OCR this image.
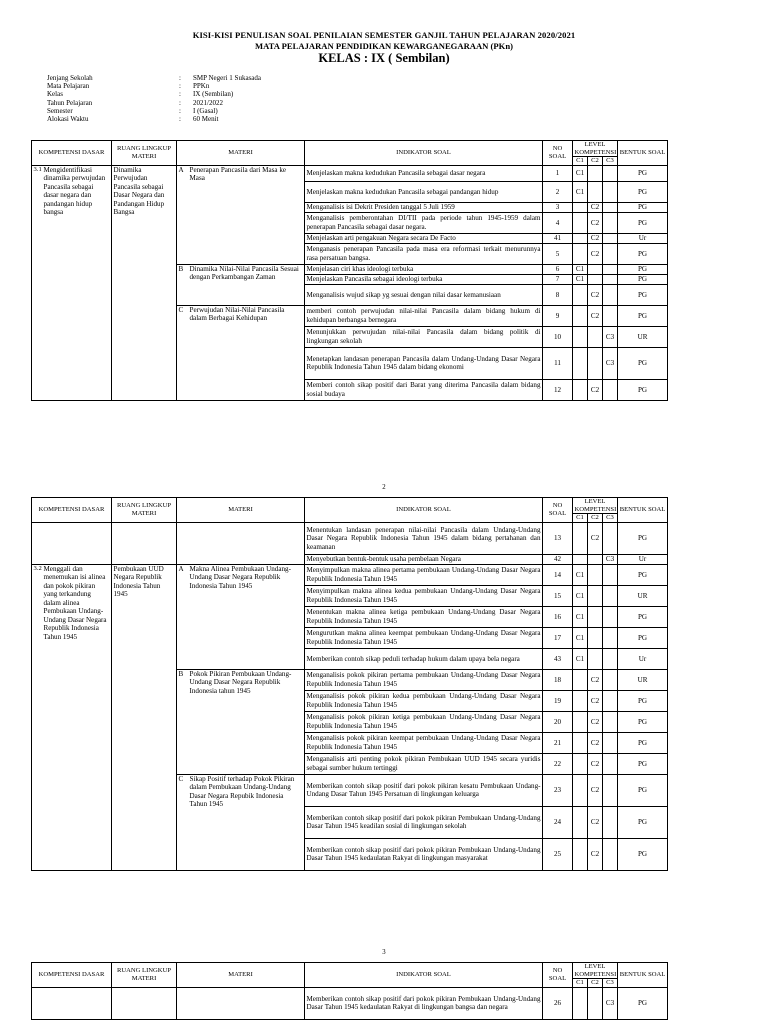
KISI-KISI PENULISAN SOAL PENILAIAN SEMESTER GANJIL TAHUN PELAJARAN 2020/2021
MATA PELAJARAN PENDIDIKAN KEWARGANEGARAAN (PKn)
KELAS : IX ( Sembilan)
Jenjang Sekolah	:	SMP Negeri 1 Sukasada
Mata Pelajaran	:	PPKn
Kelas	:	IX (Sembilan)
Tahun Pelajaran	:	2021/2022
Semester	:	I (Gasal)
Alokasi Waktu	:	60 Menit
KOMPETENSI DASAR	RUANG LINGKUP MATERI	MATERI	INDIKATOR SOAL	NO SOAL	LEVEL KOMPETENSI			BENTUK SOAL
					C1	C2	C3	

3.1 Mengidentifikasi dinamika perwujudan Pancasila sebagai dasar negara dan pandangan hidup bangsa	Dinamika Perwujudan Pancasila sebagai Dasar Negara dan Pandangan Hidup Bangsa	A Penerapan Pancasila dari Masa ke Masa	Menjelaskan makna kedudukan Pancasila sebagai dasar negara	1	C1			PG
			Menjelaskan makna kedudukan Pancasila sebagai pandangan hidup	2	C1			PG
			Menganalisis isi Dekrit Presiden tanggal 5 Juli 1959	3		C2		PG
			Menganalisis pemberontahan DI/TII pada periode tahun 1945-1959 dalam penerapan Pancasila sebagai dasar negara.	4		C2		PG
			Menjelaskan arti pengakuan Negara secara De Facto	41		C2		Ur
			Menganasis penerapan Pancasila pada masa era reformasi terkait menurunnya rasa persatuan bangsa.	5		C2		PG

		B Dinamika Nilai-Nilai Pancasila Sesuai dengan Perkambangan Zaman	Menjelasan ciri khas ideologi terbuka	6	C1			PG
			Menjelaskan Pancasila sebagai ideologi terbuka	7	C1			PG
			Menganalisis wujud sikap yg sesuai dengan nilai dasar kemanusiaan	8		C2		PG

		C Perwujudan Nilai-Nilai Pancasila dalam Berbagai Kehidupan	memberi contoh perwujudan nilai-nilai Pancasila dalam bidang hukum di kehidupan berbangsa bernegara	9		C2		PG
			Menunjukkan perwujudan nilai-nilai Pancasila dalam bidang politik di lingkungan sekolah	10			C3	UR
			Menetapkan landasan penerapan Pancasila dalam Undang-Undang Dasar Negara Republik Indonesia Tahun 1945 dalam bidang ekonomi	11			C3	PG
			Memberi contoh sikap positif dari Barat yang diterima Pancasila dalam bidang sosial budaya	12		C2		PG
2
KOMPETENSI DASAR	RUANG LINGKUP MATERI	MATERI	INDIKATOR SOAL	NO SOAL	LEVEL KOMPETENSI			BENTUK SOAL
					C1	C2	C3	
			Menentukan landasan penerapan nilai-nilai Pancasila dalam Undang-Undang Dasar Negara Republik Indonesia Tahun 1945 dalam bidang pertahanan dan keamanan	13		C2		PG
			Menyebutkan bentuk-bentuk usaha pembelaan Negara	42			C3	Ur

3.2 Menggali dan menemukan isi alinea dan pokok pikiran yang terkandung dalam alinea Pembukaan Undang-Undang Dasar Negara Republik Indonesia Tahun 1945	Pembukaan UUD Negara Republik Indonesia Tahun 1945	A Makna Alinea Pembukaan Undang-Undang Dasar Negara Republik Indonesia Tahun 1945	Menyimpulkan makna alinea pertama pembukaan Undang-Undang Dasar Negara Republik Indonesia Tahun 1945	14	C1			PG
			Menyimpulkan makna alinea kedua pembukaan Undang-Undang Dasar Negara Republik Indonesia Tahun 1945	15	C1			UR
			Menentukan makna alinea ketiga pembukaan Undang-Undang Dasar Negara Republik Indonesia Tahun 1945	16	C1			PG
			Mengurutkan makna alinea keempat pembukaan Undang-Undang Dasar Negara Republik Indonesia Tahun 1945	17	C1			PG
			Memberikan contoh sikap peduli terhadap hukum dalam upaya bela negara	43	C1			Ur

		B Pokok Pikiran Pembukaan Undang-Undang Dasar Negara Republik Indonesia tahun 1945	Menganalisis pokok pikiran pertama pembukaan Undang-Undang Dasar Negara Republik Indonesia Tahun 1945	18		C2		UR
			Menganalisis pokok pikiran kedua pembukaan Undang-Undang Dasar Negara Republik Indonesia Tahun 1945	19		C2		PG
			Menganalisis pokok pikiran ketiga pembukaan Undang-Undang Dasar Negara Republik Indonesia Tahun 1945	20		C2		PG
			Menganalisis pokok pikiran keempat pembukaan Undang-Undang Dasar Negara Republik Indonesia Tahun 1945	21		C2		PG
			Menganalisis arti penting pokok pikiran Pembukaan UUD 1945 secara yuridis sebagai sumber hukum tertinggi	22		C2		PG

		C Sikap Positif terhadap Pokok Pikiran dalam Pembukaan Undang-Undang Dasar Negara Repubik Indonesia Tahun 1945	Memberikan contoh sikap positif dari pokok pikiran kesatu Pembukaan Undang-Undang Dasar Tahun 1945 Persatuan di lingkungan keluarga	23		C2		PG
			Memberikan contoh sikap positif dari pokok pikiran Pembukaan Undang-Undang Dasar Tahun 1945 keadilan sosial di lingkungan sekolah	24		C2		PG
			Memberikan contoh sikap positif dari pokok pikiran Pembukaan Undang-Undang Dasar Tahun 1945 kedaulatan Rakyat di lingkungan masyarakat	25		C2		PG
3
KOMPETENSI DASAR	RUANG LINGKUP MATERI	MATERI	INDIKATOR SOAL	NO SOAL	LEVEL KOMPETENSI			BENTUK SOAL
					C1	C2	C3	
			Memberikan contoh sikap positif dari pokok pikiran Pembukaan Undang-Undang Dasar Tahun 1945 kedaulatan Rakyat di lingkungan bangsa dan negara	26			C3	PG
